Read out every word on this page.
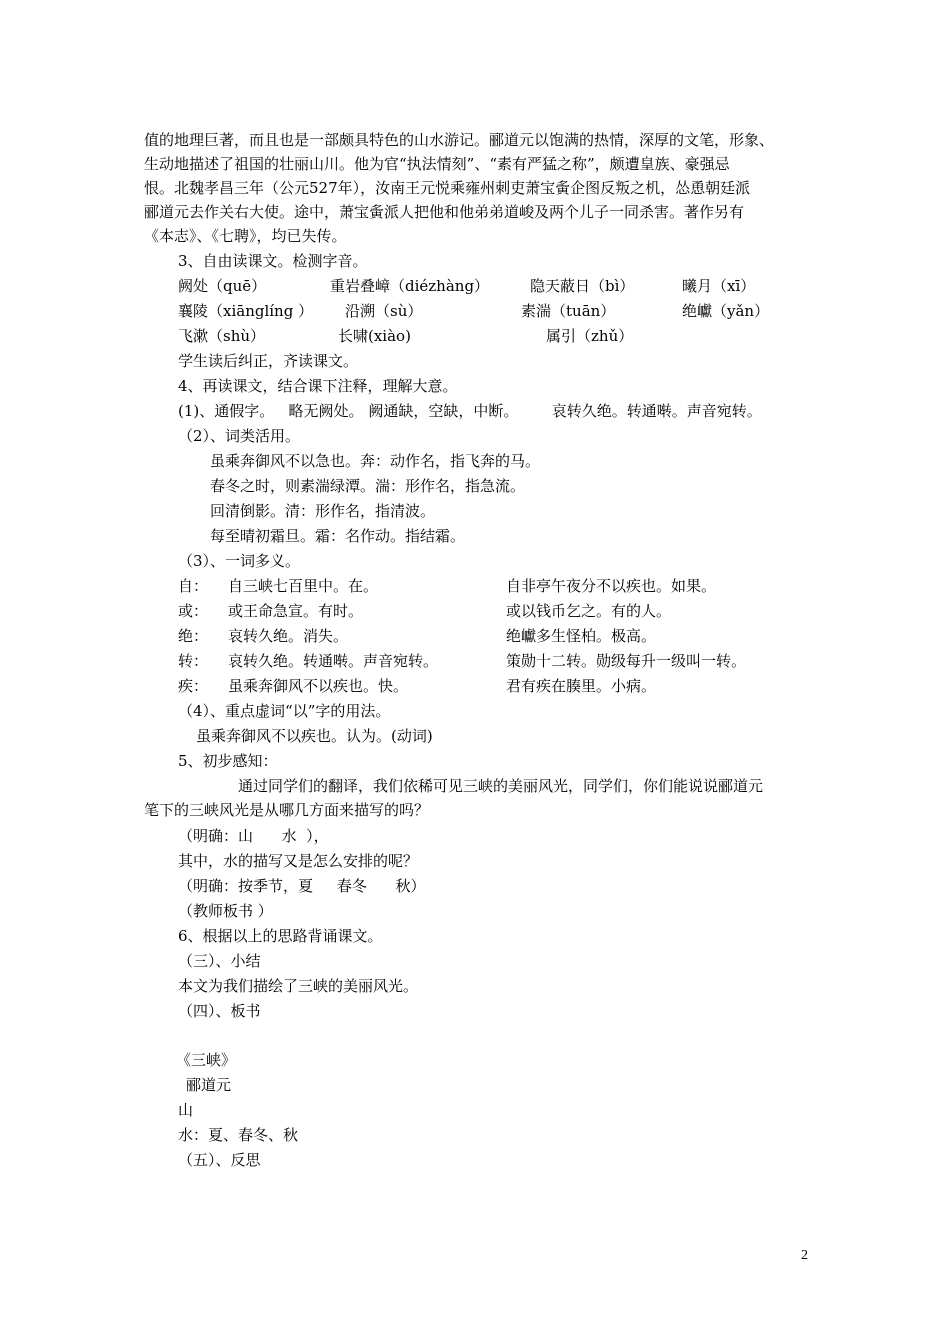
值的地理巨著，而且也是一部颇具特色的山水游记。郦道元以饱满的热情，深厚的文笔，形象、
生动地描述了祖国的壮丽山川。他为官“执法情刻”、“素有严猛之称”，颇遭皇族、豪强忌
恨。北魏孝昌三年（公元527年），汝南王元悦乘雍州刺吏萧宝夤企图反叛之机，怂恿朝廷派
郦道元去作关右大使。途中，萧宝夤派人把他和他弟弟道峻及两个儿子一同杀害。著作另有
《本志》、《七聘》，均已失传。
3、自由读课文。检测字音。
阙处（quē）	重岩叠嶂（diézhàng）	隐天蔽日（bì）	曦月（xī）
襄陵（xiānglíng ） 沿溯（sù）	素湍（tuān）	绝巘（yǎn）
飞漱（shù）	长啸(xiào)	属引（zhǔ）
学生读后纠正，齐读课文。
4、再读课文，结合课下注释，理解大意。
(1)、通假字。   略无阙处。 阙通缺，空缺，中断。       哀转久绝。转通啭。声音宛转。
（2）、词类活用。
虽乘奔御风不以急也。奔：动作名，指飞奔的马。
春冬之时，则素湍绿潭。湍：形作名，指急流。
回清倒影。清：形作名，指清波。
每至晴初霜旦。霜：名作动。指结霜。
（3）、一词多义。
自： 自三峡七百里中。在。	自非亭午夜分不以疾也。如果。
或： 或王命急宣。有时。	或以钱币乞之。有的人。
绝： 哀转久绝。消失。	绝巘多生怪柏。极高。
转： 哀转久绝。转通啭。声音宛转。	策勋十二转。勋级每升一级叫一转。
疾： 虽乘奔御风不以疾也。快。	君有疾在腠里。小病。
（4）、重点虚词“以”字的用法。
虽乘奔御风不以疾也。认为。(动词)
5、初步感知：
通过同学们的翻译，我们依稀可见三峡的美丽风光，同学们，你们能说说郦道元
笔下的三峡风光是从哪几方面来描写的吗？
（明确：山      水  ），
其中，水的描写又是怎么安排的呢？
（明确：按季节，夏     春冬      秋）
（教师板书 ）
6、根据以上的思路背诵课文。
（三）、小结
本文为我们描绘了三峡的美丽风光。
（四）、板书
《三峡》
郦道元
山
水：夏、春冬、秋
（五）、反思
2
